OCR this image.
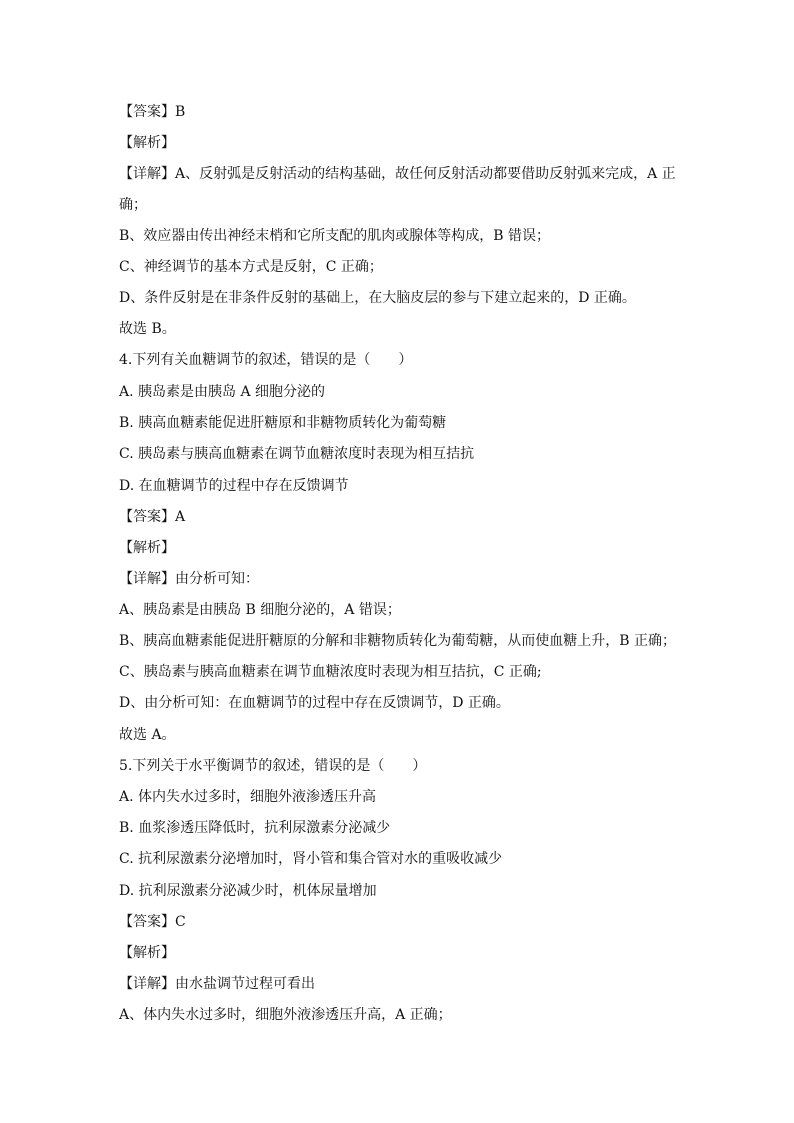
【答案】B
【解析】
【详解】A、反射弧是反射活动的结构基础，故任何反射活动都要借助反射弧来完成，A 正
确；
B、效应器由传出神经末梢和它所支配的肌肉或腺体等构成，B 错误；
C、神经调节的基本方式是反射，C 正确；
D、条件反射是在非条件反射的基础上，在大脑皮层的参与下建立起来的，D 正确。
故选 B。
4.下列有关血糖调节的叙述，错误的是（　　）
A. 胰岛素是由胰岛 A 细胞分泌的
B. 胰高血糖素能促进肝糖原和非糖物质转化为葡萄糖
C. 胰岛素与胰高血糖素在调节血糖浓度时表现为相互拮抗
D. 在血糖调节的过程中存在反馈调节
【答案】A
【解析】
【详解】由分析可知：
A、胰岛素是由胰岛 B 细胞分泌的，A 错误；
B、胰高血糖素能促进肝糖原的分解和非糖物质转化为葡萄糖，从而使血糖上升，B 正确；
C、胰岛素与胰高血糖素在调节血糖浓度时表现为相互拮抗，C 正确;
D、由分析可知：在血糖调节的过程中存在反馈调节，D 正确。
故选 A。
5.下列关于水平衡调节的叙述，错误的是（　　）
A. 体内失水过多时，细胞外液渗透压升高
B. 血浆渗透压降低时，抗利尿激素分泌减少
C. 抗利尿激素分泌增加时，肾小管和集合管对水的重吸收减少
D. 抗利尿激素分泌减少时，机体尿量增加
【答案】C
【解析】
【详解】由水盐调节过程可看出
A、体内失水过多时，细胞外液渗透压升高，A 正确；
